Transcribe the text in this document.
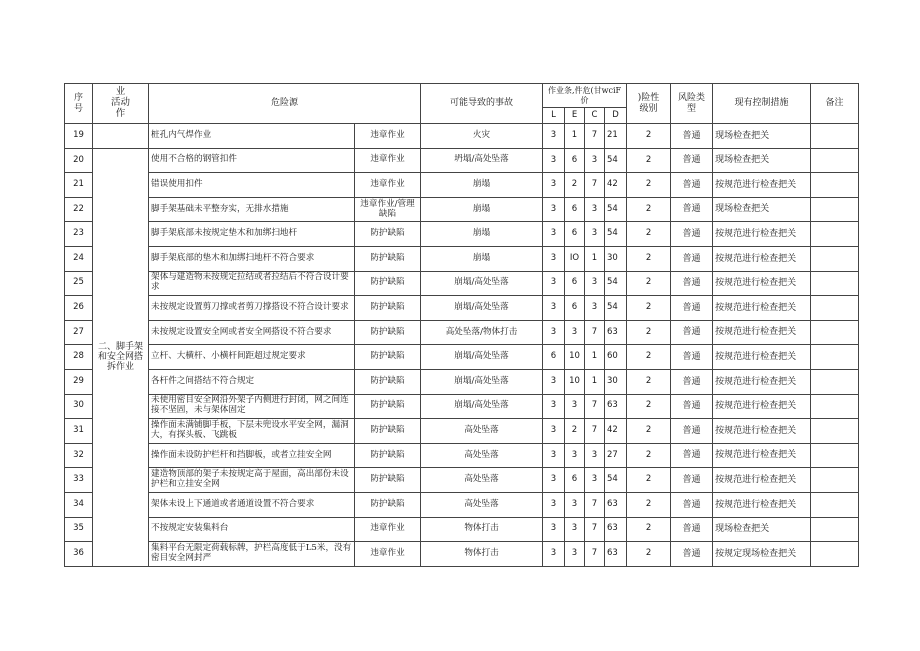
序
号	业
活动
作	危险源		可能导致的事故	作业条,件危(甘wciF价				)险性
级别	风险类
型	现有控制措施	备注
					L	E	C	D				
19		桩孔内气焊作业	违章作业	火灾	3	1	7	21	2	普通	现场检查把关	
20	二、脚手架
和安全网搭
拆作业	使用不合格的钢管扣件	违章作业	坍塌/高处坠落	3	6	3	54	2	普通	现场检查把关	
21		错误使用扣件	违章作业	崩塌	3	2	7	42	2	普通	按规范进行检查把关	
22		脚手架基础未平整夯实，无排水措施	违章作业/管理
缺陷	崩塌	3	6	3	54	2	普通	现场检查把关	
23		脚手架底部未按规定垫木和加绑扫地杆	防护缺陷	崩塌	3	6	3	54	2	普通	按规范进行检查把关	
24		脚手架底部的垫木和加绑扫地杆不符合要求	防护缺陷	崩塌	3	IO	1	30	2	普通	按规范进行检查把关	
25		架体与建造物未按规定拉结或者拉结后不符合设计要求	防护缺陷	崩塌/高处坠落	3	6	3	54	2	普通	按规范进行检查把关	
26		未按规定设置剪刀撑或者剪刀撑搭设不符合设计要求	防护缺陷	崩塌/高处坠落	3	6	3	54	2	普通	按规范进行检查把关	
27		未按规定设置安全网或者安全网搭设不符合要求	防护缺陷	高处坠落/物体打击	3	3	7	63	2	普通	按规范进行检查把关	
28		立杆、大横杆、小横杆间距超过规定要求	防护缺陷	崩塌/高处坠落	6	10	1	60	2	普通	按规范进行检查把关	
29		各杆件之间搭结不符合规定	防护缺陷	崩塌/高处坠落	3	10	1	30	2	普通	按规范进行检查把关	
30		未使用密目安全网沿外架子内侧进行封闭，网之间连接不坚固，未与架体固定	防护缺陷	崩塌/高处坠落	3	3	7	63	2	普通	按规范进行检查把关	
31		操作面未满铺脚手板，下层未兜设水平安全网，漏洞大，有探头板、飞跳板	防护缺陷	高处坠落	3	2	7	42	2	普通	按规范进行检查把关	
32		操作面未设防护栏杆和挡脚板，或者立挂安全网	防护缺陷	高处坠落	3	3	3	27	2	普通	按规范进行检查把关	
33		建造物顶部的架子未按规定高于屋面，高出部份未设护栏和立挂安全网	防护缺陷	高处坠落	3	6	3	54	2	普通	按规范进行检查把关	
34		架体未设上下通道或者通道设置不符合要求	防护缺陷	高处坠落	3	3	7	63	2	普通	按规范进行检查把关	
35		不按规定安装集料台	违章作业	物体打击	3	3	7	63	2	普通	现场检查把关	
36		集料平台无限定荷载标牌，护栏高度低于L5米，没有密目安全网封严	违章作业	物体打击	3	3	7	63	2	普通	按规定现场检查把关	
